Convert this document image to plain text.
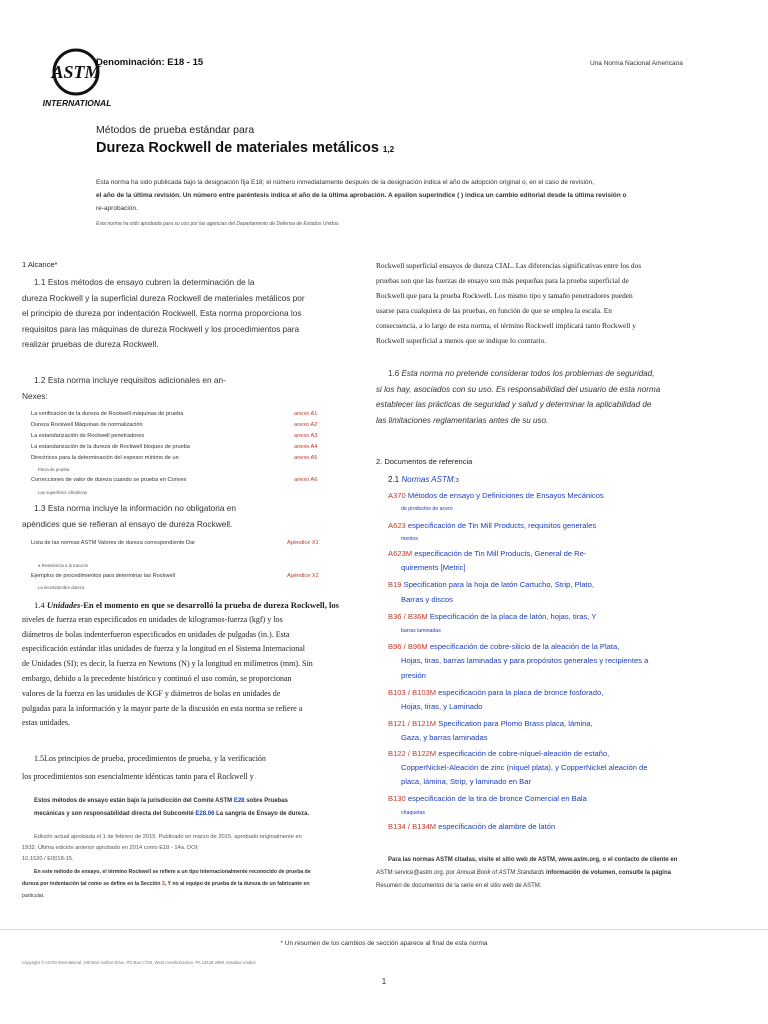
ASTM
INTERNATIONAL
Denominación: E18 - 15	Una Norma Nacional Americana
Métodos de prueba estándar para
Dureza Rockwell de materiales metálicos 1,2
Esta norma ha sido publicada bajo la designación fija E18; el número inmediatamente después de la designación indica el año de adopción original o, en el caso de revisión,
el año de la última revisión. Un número entre paréntesis indica el año de la última aprobación. A epsilon superíndice ( ) indica un cambio editorial desde la última revisión o
re-aprobación.
Esta norma ha sido aprobada para su uso por las agencias del Departamento de Defensa de Estados Unidos.
1 Alcance*
1.1 Estos métodos de ensayo cubren la determinación de la
dureza Rockwell y la superficial dureza Rockwell de materiales metálicos por
el principio de dureza por indentación Rockwell. Esta norma proporciona los
requisitos para las máquinas de dureza Rockwell y los procedimientos para
realizar pruebas de dureza Rockwell.
1.2 Esta norma incluye requisitos adicionales en an-
Nexes:
La verificación de la dureza de Rockwell máquinas de prueba	anexo A1
Dureza Rockwell Máquinas de normalización	anexo A2
La estandarización de Rockwell penetradores	anexo A3
La estandarización de la dureza de Rockwell bloques de prueba	anexo A4
Directrices para la determinación del espesor mínimo de un	anexo A5
Pieza de prueba
Correcciones de valor de dureza cuando se prueba en Convex	anexo A6
Las superficies cilíndricas
1.3 Esta norma incluye la información no obligatoria en
apéndices que se refieran al ensayo de dureza Rockwell.
Lista de las normas ASTM Valores de dureza correspondiente Dar	Apéndice X1
a Resistencia a la tracción
Ejemplos de procedimientos para determinar las Rockwell	Apéndice X2
La incertidumbre dureza
1.4 Unidades-En el momento en que se desarrolló la prueba de dureza Rockwell, los
niveles de fuerza eran especificados en unidades de kilogramos-fuerza (kgf) y los
diámetros de bolas indenterfueron especificados en unidades de pulgadas (in.). Esta
especificación estándar itlas unidades de fuerza y la longitud en el Sistema Internacional
de Unidades (SI); es decir, la fuerza en Newtons (N) y la longitud en milímetros (mm). Sin
embargo, debido a la precedente histórico y continuó el uso común, se proporcionan
valores de la fuerza en las unidades de KGF y diámetros de bolas en unidades de
pulgadas para la información y la mayor parte de la discusión en esta norma se refiere a
estas unidades.
1.5Los principios de prueba, procedimientos de prueba, y la verificación
los procedimientos son esencialmente idénticas tanto para el Rockwell y
Estos métodos de ensayo están bajo la jurisdicción del Comité ASTM E28 sobre Pruebas
mecánicas y son responsabilidad directa del Subcomité E28.06 La sangría de Ensayo de dureza.
Edición actual aprobada el 1 de febrero de 2015. Publicado en marzo de 2015. aprobado originalmente en
1932. Última edición anterior aprobado en 2014 como E18 - 14a. DOI:
10.1520 / E0018-15.
En este método de ensayo, el término Rockwell se refiere a un tipo internacionalmente reconocido de prueba de
dureza por indentación tal como se define en la Sección 3, Y no al equipo de prueba de la dureza de un fabricante en
particular.
Rockwell superficial ensayos de dureza CIAL. Las diferencias significativas entre los dos
pruebas son que las fuerzas de ensayo son más pequeñas para la prueba superficial de
Rockwell que para la prueba Rockwell. Los mismo tipo y tamaño penetradores pueden
usarse para cualquiera de las pruebas, en función de que se emplea la escala. En
consecuencia, a lo largo de esta norma, el término Rockwell implicará tanto Rockwell y
Rockwell superficial a menos que se indique lo contrario.
1.6 Esta norma no pretende considerar todos los problemas de seguridad,
si los hay, asociados con su uso. Es responsabilidad del usuario de esta norma
establecer las prácticas de seguridad y salud y determinar la aplicabilidad de
las limitaciones reglamentarias antes de su uso.
2. Documentos de referencia
2.1 Normas ASTM:3
A370 Métodos de ensayo y Definiciones de Ensayos Mecánicos
de productos de acero
A623 especificación de Tin Mill Products, requisitos generales
mentos
A623M especificación de Tin Mill Products, General de Re-
quirements [Metric]
B19 Specification para la hoja de latón Cartucho, Strip, Plato,
Barras y discos
B36 / B36M Especificación de la placa de latón, hojas, tiras, Y
barras laminadas
B96 / B96M especificación de cobre-silicio de la aleación de la Plata,
Hojas, tiras, barras laminadas y para propósitos generales y recipientes a
presión
B103 / B103M especificación para la placa de bronce fosforado,
Hojas, tiras, y Laminado
B121 / B121M Specification para Plomo Brass placa, lámina,
Gaza, y barras laminadas
B122 / B122M especificación de cobre-níquel-aleación de estaño,
CopperNickel-Aleación de zinc (níquel plata), y CopperNickel aleación de
placa, lámina, Strip, y laminado en Bar
B130 especificación de la tira de bronce Comercial en Bala
chaquetas
B134 / B134M especificación de alambre de latón
Para las normas ASTM citadas, visite el sitio web de ASTM, www.astm.org, o el contacto de cliente en
ASTM service@astm.org. por Annual Book of ASTM Standards información de volumen, consulte la página
Resumen de documentos de la serie en el sitio web de ASTM.
* Un resumen de los cambios de sección aparece al final de esta norma
Copyright © ASTM International, 100 Barr Harbor Drive, PO Box C700, West Conshohocken, PA 19428-2959. Estados Unidos
1
